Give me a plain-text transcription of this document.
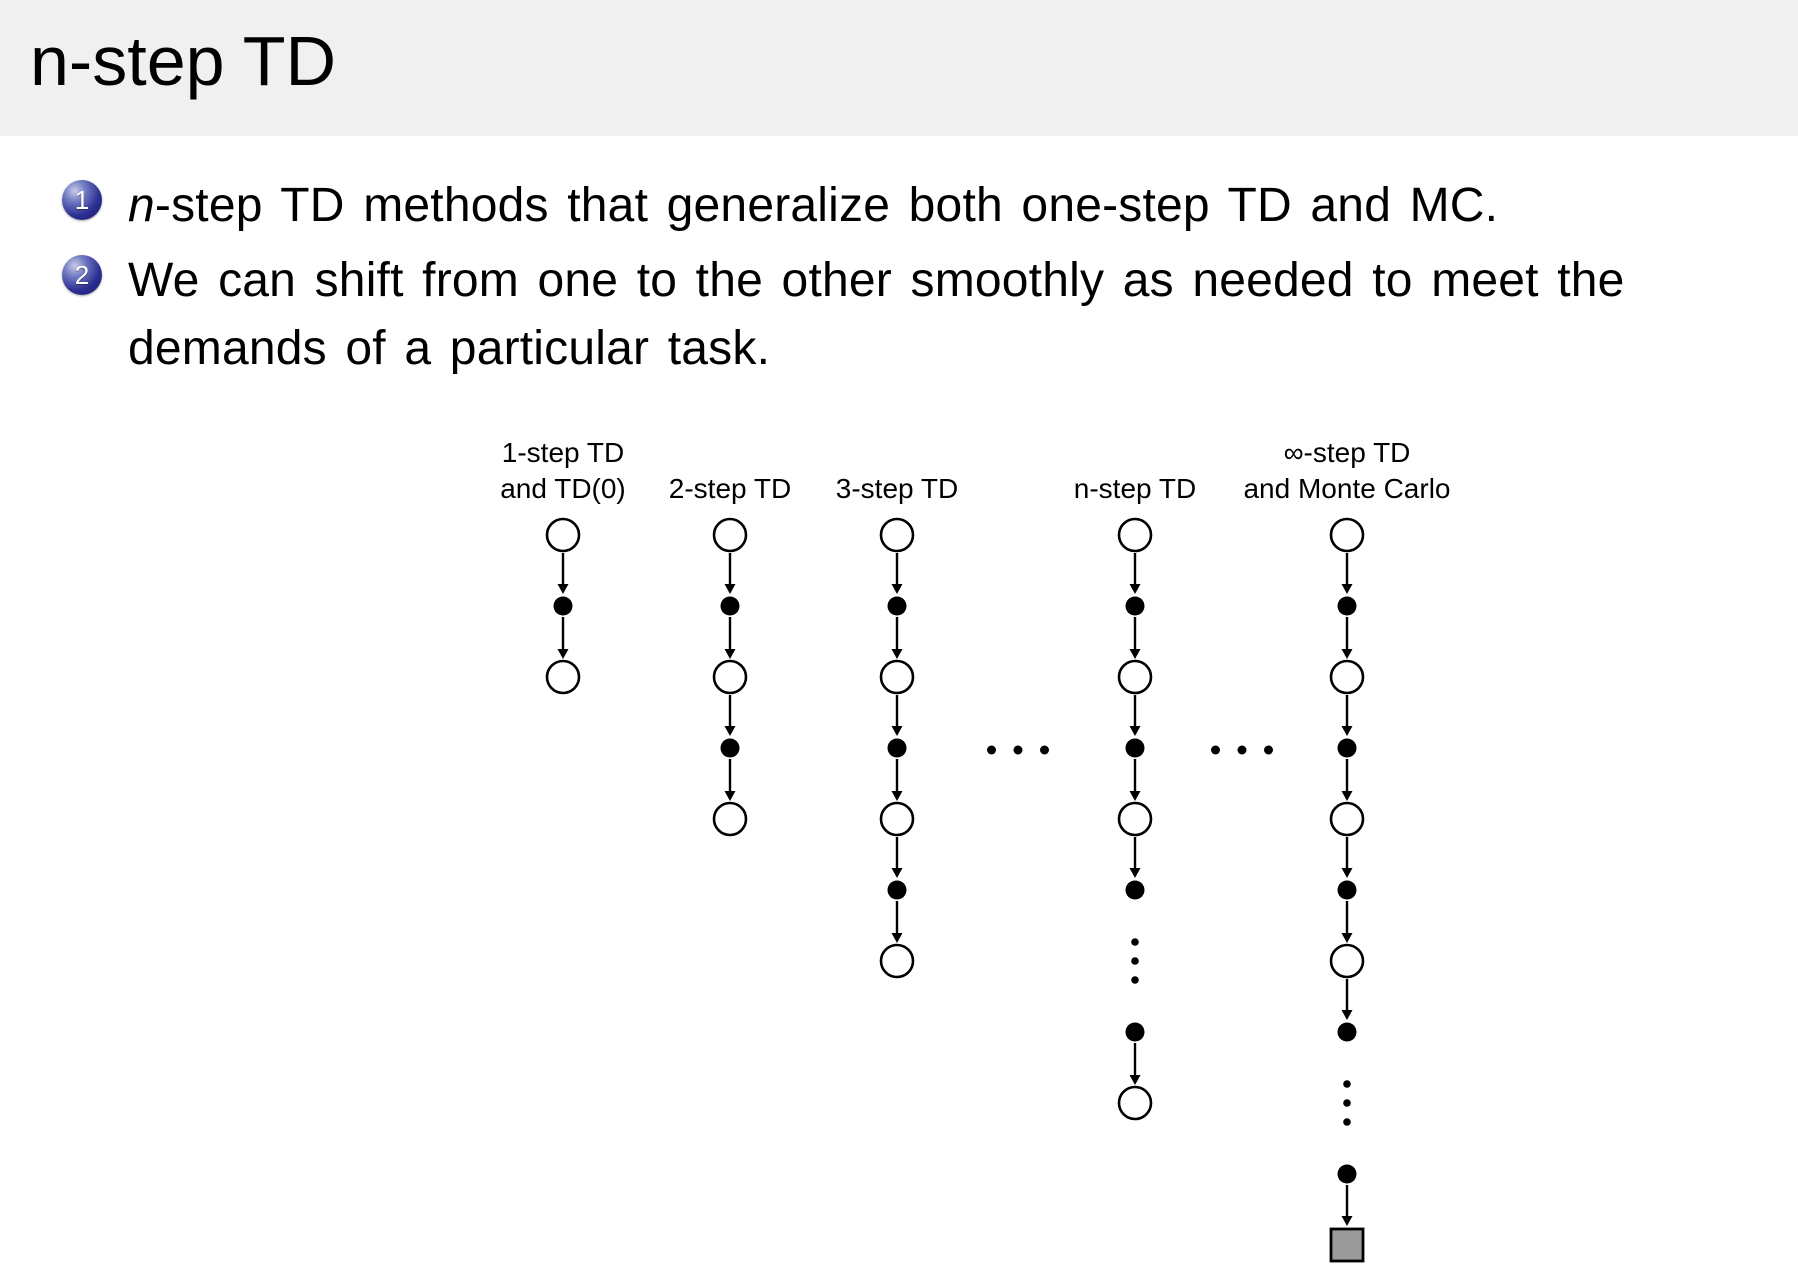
n-step TD
1 n-step TD methods that generalize both one-step TD and MC.
2 We can shift from one to the other smoothly as needed to meet the
demands of a particular task.
1-step TD
and TD(0) 2-step TD 3-step TD	n-step TD
∞-step TD
and Monte Carlo
